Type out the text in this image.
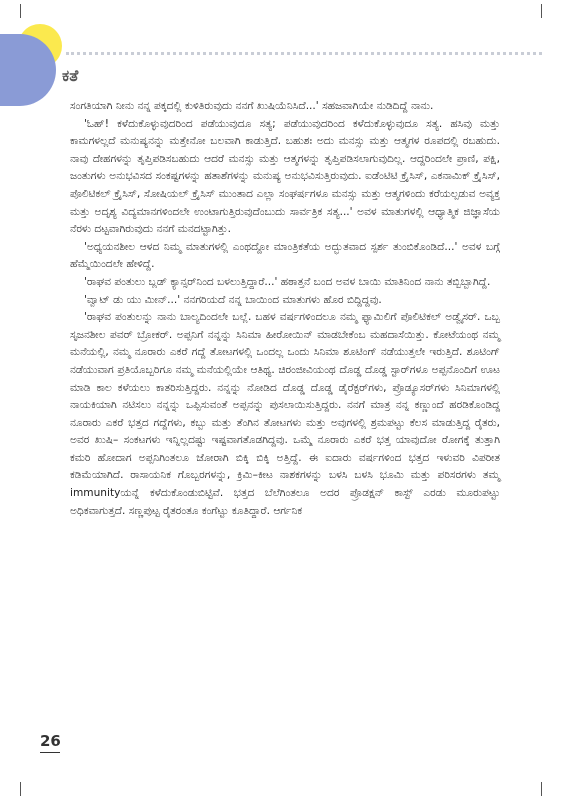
ಕತೆ

ಸಂಗತಿಯಾಗಿ ನೀನು ನನ್ನ ಪಕ್ಕದಲ್ಲಿ ಕುಳಿತಿರುವುದು ನನಗೆ ಖುಷಿಯೆನಿಸಿದೆ...' ಸಹಜವಾಗಿಯೇ ನುಡಿದಿದ್ದೆ ನಾನು.

'ಓಹ್! ಕಳೆದುಕೊಳ್ಳುವುದರಿಂದ ಪಡೆಯುವುದೂ ಸತ್ಯ; ಪಡೆಯುವುದರಿಂದ ಕಳೆದುಕೊಳ್ಳುವುದೂ ಸತ್ಯ. ಹಸಿವು ಮತ್ತು ಕಾಮಗಳಲ್ಲದೆ ಮನುಷ್ಯನನ್ನು ಮತ್ತೇನೋ ಬಲವಾಗಿ ಕಾಡುತ್ತಿದೆ. ಬಹುಶಃ ಅದು ಮನಸ್ಸು ಮತ್ತು ಆತ್ಮಗಳ ರೂಪದಲ್ಲಿ ರಬಹುದು. ನಾವು ದೇಹಗಳನ್ನು ತೃಪ್ತಿಪಡಿಸಬಹುದು ಆದರೆ ಮನಸ್ಸು ಮತ್ತು ಆತ್ಮಗಳನ್ನು ತೃಪ್ತಿಪಡಿಸಲಾಗುವುದಿಲ್ಲ. ಆದ್ದರಿಂದಲೇ ಪ್ರಾಣಿ, ಪಕ್ಷಿ, ಜಂತುಗಳು ಅನುಭವಿಸದ ಸಂಕಷ್ಟಗಳನ್ನು ಹತಾಶೆಗಳನ್ನು ಮನುಷ್ಯ ಅನುಭವಿಸುತ್ತಿರುವುದು. ಐಡೆಂಟಿಟಿ ಕ್ರೈಸಿಸ್, ಎಕನಾಮಿಕ್ ಕ್ರೈಸಿಸ್, ಪೊಲಿಟಿಕಲ್ ಕ್ರೈಸಿಸ್, ಸೋಷಿಯಲ್ ಕ್ರೈಸಿಸ್ ಮುಂತಾದ ಎಲ್ಲಾ ಸಂಘರ್ಷಗಳೂ ಮನಸ್ಸು ಮತ್ತು ಆತ್ಮಗಳಿಂದು ಕರೆಯಲ್ಪಡುವ ಅವ್ಯಕ್ತ ಮತ್ತು ಅದೃಶ್ಯ ವಿದ್ಯಮಾನಗಳಿಂದಲೇ ಉಂಟಾಗುತ್ತಿರುವುದೆಂಬುದು ಸಾರ್ವತ್ರಿಕ ಸತ್ಯ...' ಅವಳ ಮಾತುಗಳಲ್ಲಿ ಆಧ್ಯಾತ್ಮಿಕ ಜಿಜ್ಞಾಸೆಯ ನೆರಳು ದಟ್ಟವಾಗಿರುವುದು ನನಗೆ ಮನದಟ್ಟಾಗಿತ್ತು.

'ಅಧ್ಯಯನಶೀಲ ಆಳದ ನಿಮ್ಮ ಮಾತುಗಳಲ್ಲಿ ಎಂಥದ್ದೋ ಮಾಂತ್ರಿಕತೆಯ ಅದ್ಭುತವಾದ ಸ್ಪರ್ಶ ತುಂಬಿಕೊಂಡಿದೆ...' ಅವಳ ಬಗ್ಗೆ ಹೆಮ್ಮೆಯಿಂದಲೇ ಹೇಳಿದ್ದೆ.

'ರಾಘವ ಪಂತುಲು ಬ್ಲಡ್ ಕ್ಯಾನ್ಸರ್‌ನಿಂದ ಬಳಲುತ್ತಿದ್ದಾರೆ...' ಹಠಾತ್ತನೆ ಬಂದ ಅವಳ ಬಾಯಿ ಮಾತಿನಿಂದ ನಾನು ತಬ್ಬಿಬ್ಬಾಗಿದ್ದೆ.

'ವ್ವಾಟ್ ಡು ಯು ಮೀನ್...' ನನಗರಿಯದೆ ನನ್ನ ಬಾಯಿಂದ ಮಾತುಗಳು ಹೊರ ಬಿದ್ದಿದ್ದವು.

'ರಾಘವ ಪಂತುಲನ್ನು ನಾನು ಬಾಲ್ಯದಿಂದಲೇ ಬಲ್ಲೆ. ಬಹಳ ವರ್ಷಗಳಿಂದಲೂ ನಮ್ಮ ಫ್ಯಾಮಿಲಿಗೆ ಪೊಲಿಟಿಕಲ್ ಅಡ್ವೈಸರ್. ಒಬ್ಬ ಸೃಜನಶೀಲ ಪವರ್ ಬ್ರೋಕರ್. ಅಪ್ಪನಿಗೆ ನನ್ನನ್ನು ಸಿನಿಮಾ ಹೀರೋಯಿನ್ ಮಾಡಬೇಕೆಂಬ ಮಹದಾಸೆಯಿತ್ತು. ಕೋಟೆಯಂಥ ನಮ್ಮ ಮನೆಯಲ್ಲಿ, ನಮ್ಮ ನೂರಾರು ಎಕರೆ ಗದ್ದೆ ತೋಟಗಳಲ್ಲಿ ಒಂದಲ್ಲ ಒಂದು ಸಿನಿಮಾ ಶೂಟಿಂಗ್ ನಡೆಯುತ್ತಲೇ ಇರುತ್ತಿದೆ. ಶೂಟಿಂಗ್ ನಡೆಯುವಾಗ ಪ್ರತಿಯೊಬ್ಬರಿಗೂ ನಮ್ಮ ಮನೆಯಲ್ಲಿಯೇ ಆತಿಥ್ಯ. ಚಿರಂಜೀವಿಯಂಥ ದೊಡ್ಡ ದೊಡ್ಡ ಸ್ಟಾರ್‌ಗಳೂ ಅಪ್ಪನೊಂದಿಗೆ ಊಟ ಮಾಡಿ ಕಾಲ ಕಳೆಯಲು ಕಾತರಿಸುತ್ತಿದ್ದರು. ನನ್ನನ್ನು ನೋಡಿದ ದೊಡ್ಡ ದೊಡ್ಡ ಡೈರೆಕ್ಟರ್‌ಗಳು, ಪ್ರೊಡ್ಯೂಸರ್‌ಗಳು ಸಿನಿಮಾಗಳಲ್ಲಿ ನಾಯಕಿಯಾಗಿ ನಟಿಸಲು ನನ್ನನ್ನು ಒಪ್ಪಿಸುವಂತೆ ಅಪ್ಪನನ್ನು ಪುಸಲಾಯಿಸುತ್ತಿದ್ದರು. ನನಗೆ ಮಾತ್ರ ನನ್ನ ಕಣ್ಣುಂದೆ ಹರಡಿಕೊಂಡಿದ್ದ ನೂರಾರು ಎಕರೆ ಭತ್ತದ ಗದ್ದೆಗಳು, ಕಬ್ಬು ಮತ್ತು ತೆಂಗಿನ ತೋಟಗಳು ಮತ್ತು ಅವುಗಳಲ್ಲಿ ಶ್ರಮಪಟ್ಟು ಕೆಲಸ ಮಾಡುತ್ತಿದ್ದ ರೈತರು, ಅವರ ಖುಷಿ– ಸಂಕಟಗಳು ಇನ್ನಿಲ್ಲದಷ್ಟು ಇಷ್ಟವಾಗತೊಡಗಿದ್ದವು. ಒಮ್ಮೆ ನೂರಾರು ಎಕರೆ ಭತ್ತ ಯಾವುದೋ ರೋಗಕ್ಕೆ ತುತ್ತಾಗಿ ಕಮರಿ ಹೋದಾಗ ಅಪ್ಪನಿಗಿಂತಲೂ ಜೋರಾಗಿ ಬಿಕ್ಕಿ ಬಿಕ್ಕಿ ಅತ್ತಿದ್ದೆ. ಈ ಐದಾರು ವರ್ಷಗಳಿಂದ ಭತ್ತದ ಇಳುವರಿ ವಿಪರೀತ ಕಡಿಮೆಯಾಗಿದೆ. ರಾಸಾಯನಿಕ ಗೊಬ್ಬರಗಳನ್ನು, ಕ್ರಿಮಿ–ಕೀಟ ನಾಶಕಗಳನ್ನು ಬಳಸಿ ಬಳಸಿ ಭೂಮಿ ಮತ್ತು ಪರಿಸರಗಳು ತಮ್ಮ immunityಯನ್ನೆ ಕಳೆದುಕೊಂಡುಬಿಟ್ಟಿವೆ. ಭತ್ತದ ಬೆಲೆಗಿಂತಲೂ ಅದರ ಪ್ರೊಡಕ್ಷನ್ ಕಾಸ್ಟ್ ಎರಡು ಮೂರುಪಟ್ಟು ಅಧಿಕವಾಗುತ್ತದೆ. ಸಣ್ಣಪುಟ್ಟ ರೈತರಂತೂ ಕಂಗೆಟ್ಟು ಕೂತಿದ್ದಾರೆ. ಆರ್ಗನಿಕ

26
